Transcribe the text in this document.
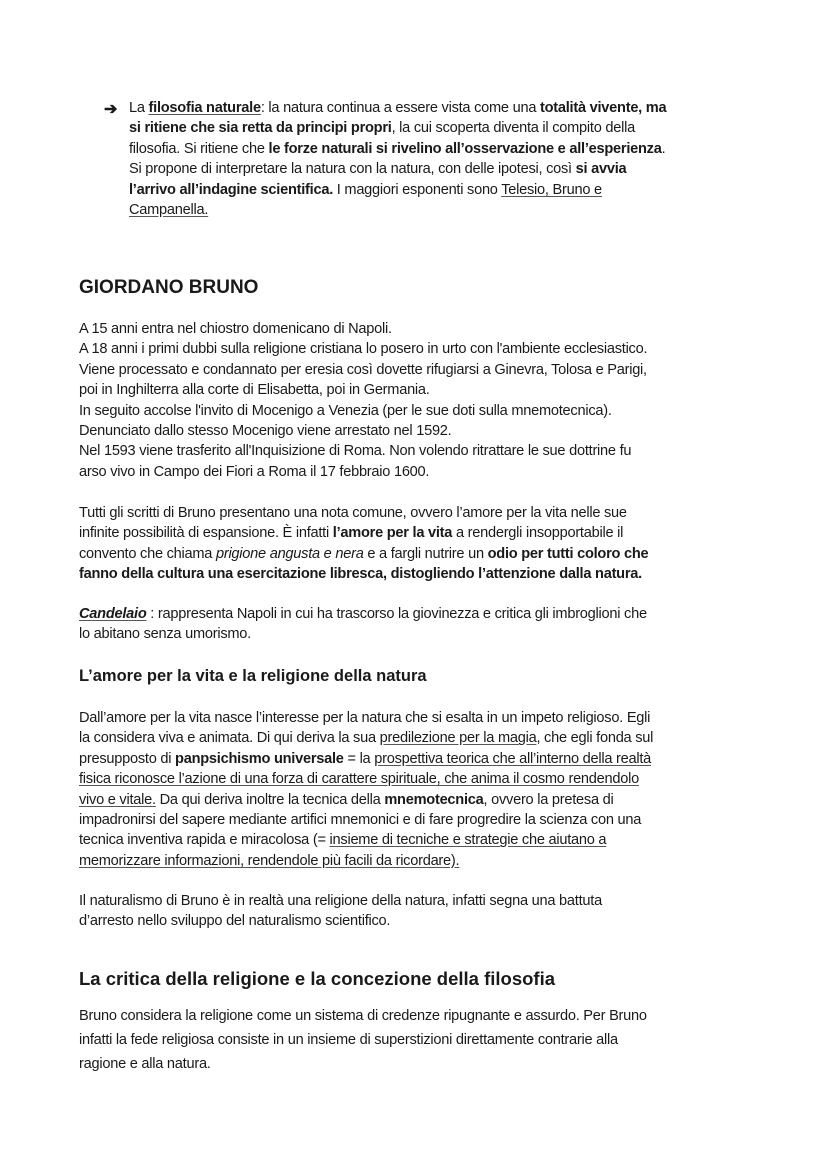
➔ La filosofia naturale: la natura continua a essere vista come una totalità vivente, ma
si ritiene che sia retta da principi propri, la cui scoperta diventa il compito della
filosofia. Si ritiene che le forze naturali si rivelino all’osservazione e all’esperienza.
Si propone di interpretare la natura con la natura, con delle ipotesi, così si avvia
l’arrivo all’indagine scientifica. I maggiori esponenti sono Telesio, Bruno e
Campanella.
GIORDANO BRUNO
A 15 anni entra nel chiostro domenicano di Napoli.
A 18 anni i primi dubbi sulla religione cristiana lo posero in urto con l'ambiente ecclesiastico.
Viene processato e condannato per eresia così dovette rifugiarsi a Ginevra, Tolosa e Parigi,
poi in Inghilterra alla corte di Elisabetta, poi in Germania.
In seguito accolse l'invito di Mocenigo a Venezia (per le sue doti sulla mnemotecnica).
Denunciato dallo stesso Mocenigo viene arrestato nel 1592.
Nel 1593 viene trasferito all'Inquisizione di Roma. Non volendo ritrattare le sue dottrine fu
arso vivo in Campo dei Fiori a Roma il 17 febbraio 1600.
Tutti gli scritti di Bruno presentano una nota comune, ovvero l’amore per la vita nelle sue
infinite possibilità di espansione. È infatti l’amore per la vita a rendergli insopportabile il
convento che chiama prigione angusta e nera e a fargli nutrire un odio per tutti coloro che
fanno della cultura una esercitazione libresca, distogliendo l’attenzione dalla natura.
Candelaio : rappresenta Napoli in cui ha trascorso la giovinezza e critica gli imbroglioni che
lo abitano senza umorismo.
L’amore per la vita e la religione della natura
Dall’amore per la vita nasce l’interesse per la natura che si esalta in un impeto religioso. Egli
la considera viva e animata. Di qui deriva la sua predilezione per la magia, che egli fonda sul
presupposto di panpsichismo universale = la prospettiva teorica che all’interno della realtà
fisica riconosce l’azione di una forza di carattere spirituale, che anima il cosmo rendendolo
vivo e vitale. Da qui deriva inoltre la tecnica della mnemotecnica, ovvero la pretesa di
impadronirsi del sapere mediante artifici mnemonici e di fare progredire la scienza con una
tecnica inventiva rapida e miracolosa (= insieme di tecniche e strategie che aiutano a
memorizzare informazioni, rendendole più facili da ricordare).
Il naturalismo di Bruno è in realtà una religione della natura, infatti segna una battuta
d’arresto nello sviluppo del naturalismo scientifico.
La critica della religione e la concezione della filosofia
Bruno considera la religione come un sistema di credenze ripugnante e assurdo. Per Bruno
infatti la fede religiosa consiste in un insieme di superstizioni direttamente contrarie alla
ragione e alla natura.
